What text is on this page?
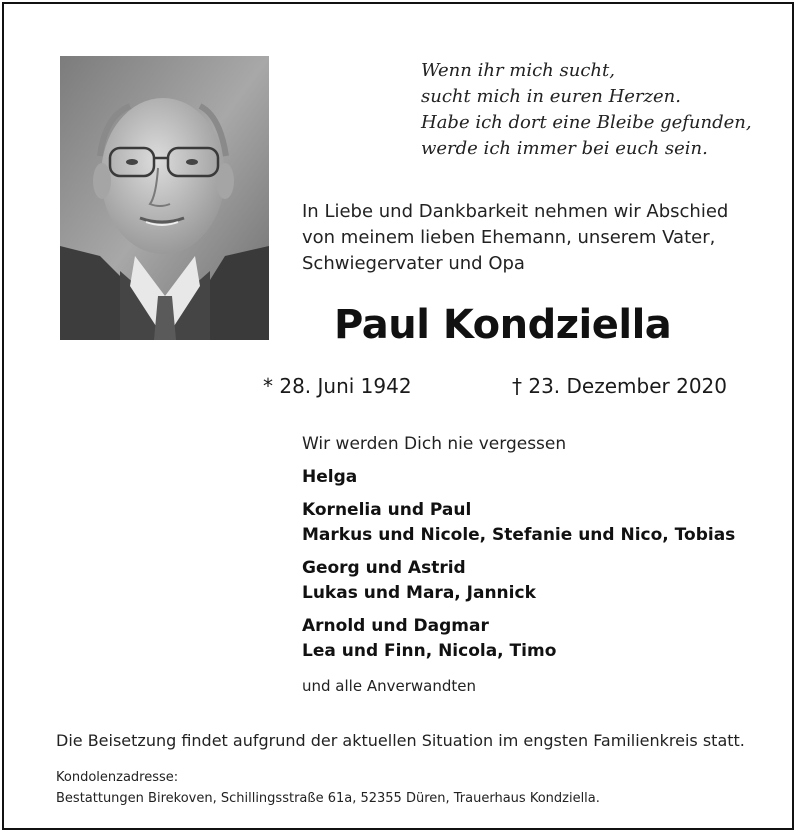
Wenn ihr mich sucht,
sucht mich in euren Herzen.
Habe ich dort eine Bleibe gefunden,
werde ich immer bei euch sein.
In Liebe und Dankbarkeit nehmen wir Abschied
von meinem lieben Ehemann, unserem Vater,
Schwiegervater und Opa
Paul Kondziella
* 28. Juni 1942	† 23. Dezember 2020
Wir werden Dich nie vergessen
Helga
Kornelia und Paul
Markus und Nicole, Stefanie und Nico, Tobias
Georg und Astrid
Lukas und Mara, Jannick
Arnold und Dagmar
Lea und Finn, Nicola, Timo
und alle Anverwandten
Die Beisetzung findet aufgrund der aktuellen Situation im engsten Familienkreis statt.
Kondolenzadresse:
Bestattungen Birekoven, Schillingsstraße 61a, 52355 Düren, Trauerhaus Kondziella.
